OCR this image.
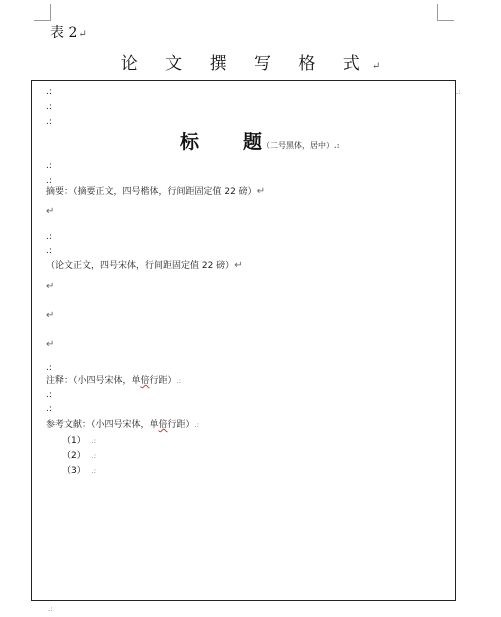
表 2↵
论 文 撰 写 格 式↵
.:
.:
.:
.:
标 题（二号黑体，居中）.:
.:
.:
摘要：（摘要正文，四号楷体，行间距固定值 22 磅）↵
↵
.:
.:
（论文正文，四号宋体，行间距固定值 22 磅）↵
↵
↵
↵
.:
注释：（小四号宋体，单倍行距）.:
.:
.:
参考文献：（小四号宋体，单倍行距）.:
（1） .:
（2） .:
（3） .:
.:
